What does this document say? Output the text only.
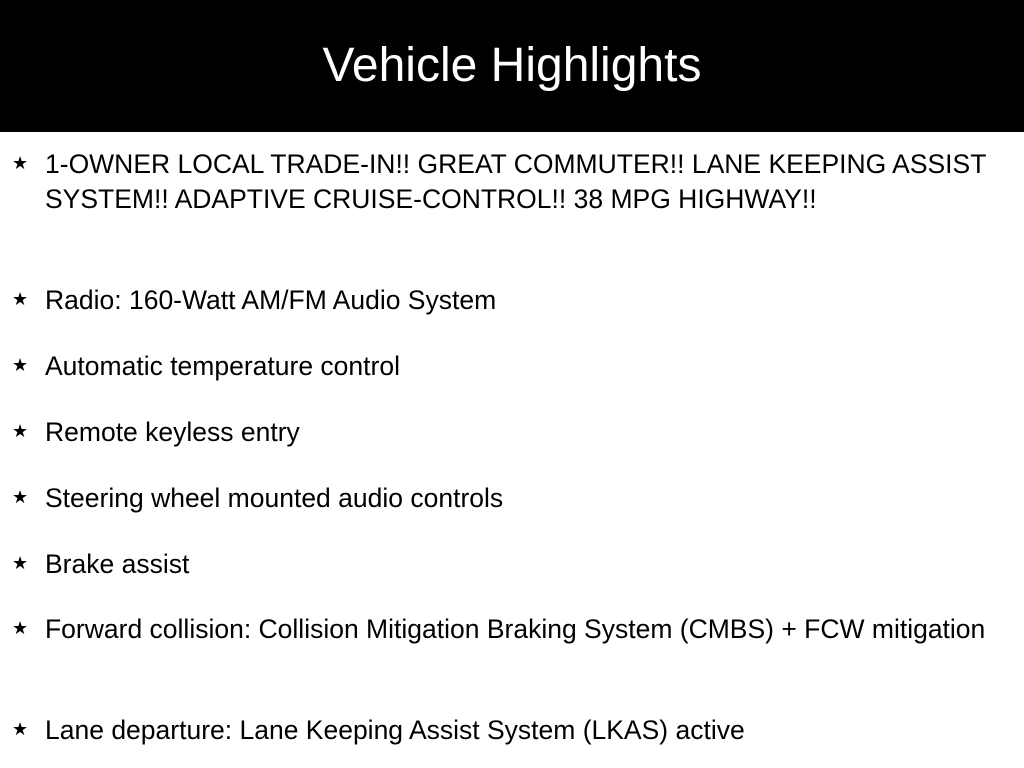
Vehicle Highlights
★ 1-OWNER LOCAL TRADE-IN!! GREAT COMMUTER!! LANE KEEPING ASSIST SYSTEM!! ADAPTIVE CRUISE-CONTROL!! 38 MPG HIGHWAY!!
★ Radio: 160-Watt AM/FM Audio System
★ Automatic temperature control
★ Remote keyless entry
★ Steering wheel mounted audio controls
★ Brake assist
★ Forward collision: Collision Mitigation Braking System (CMBS) + FCW mitigation
★ Lane departure: Lane Keeping Assist System (LKAS) active
